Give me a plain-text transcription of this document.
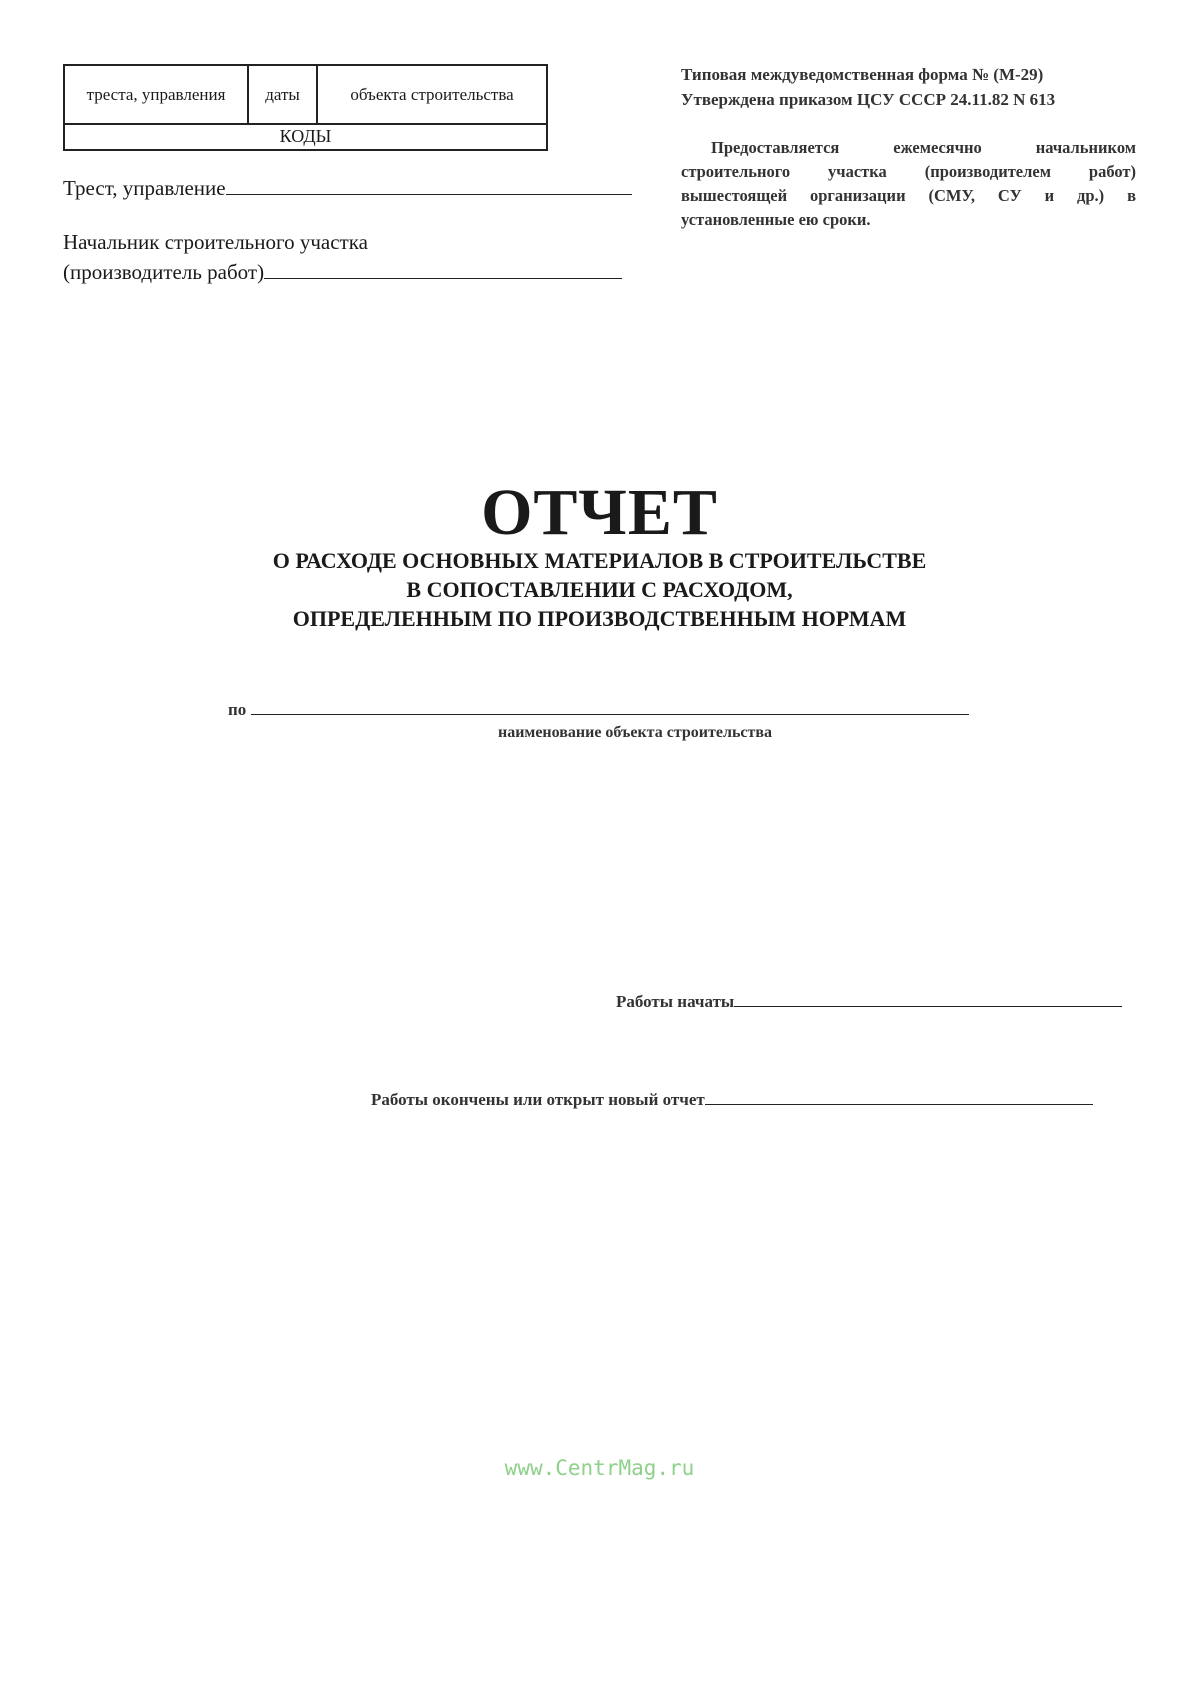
треста, управления	даты	объекта строительства
КОДЫ
Трест, управление
Начальник строительного участка
(производитель работ)
Типовая междуведомственная форма № (М-29)
Утверждена приказом ЦСУ СССР 24.11.82 N 613
Предоставляется ежемесячно начальником строительного участка (производителем работ) вышестоящей организации (СМУ, СУ и др.) в установленные ею сроки.
ОТЧЕТ
О РАСХОДЕ ОСНОВНЫХ МАТЕРИАЛОВ В СТРОИТЕЛЬСТВЕ
В СОПОСТАВЛЕНИИ С РАСХОДОМ,
ОПРЕДЕЛЕННЫМ ПО ПРОИЗВОДСТВЕННЫМ НОРМАМ
по
наименование объекта строительства
Работы начаты
Работы окончены или открыт новый отчет
www.CentrMag.ru
